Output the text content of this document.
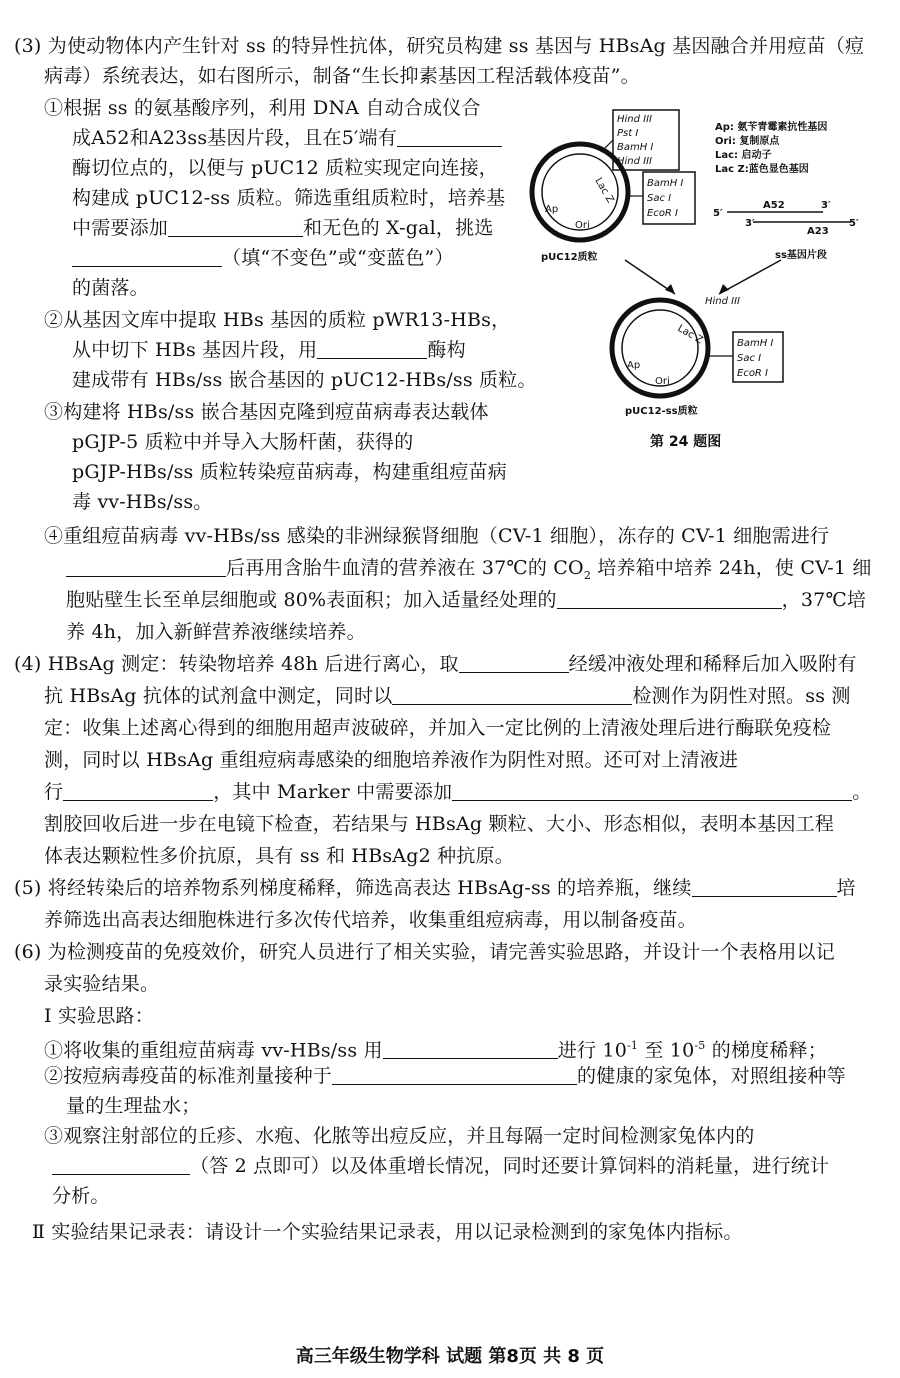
(3) 为使动物体内产生针对 ss 的特异性抗体，研究员构建 ss 基因与 HBsAg 基因融合并用痘苗（痘
病毒）系统表达，如右图所示，制备“生长抑素基因工程活载体疫苗”。
①根据 ss 的氨基酸序列，利用 DNA 自动合成仪合
成A52和A23ss基因片段，且在5′端有
酶切位点的，以便与 pUC12 质粒实现定向连接，
构建成 pUC12-ss 质粒。筛选重组质粒时，培养基
中需要添加	和无色的 X-gal，挑选
（填“不变色”或“变蓝色”）
的菌落。
②从基因文库中提取 HBs 基因的质粒 pWR13-HBs，
从中切下 HBs 基因片段，用	酶构
建成带有 HBs/ss 嵌合基因的 pUC12-HBs/ss 质粒。
③构建将 HBs/ss 嵌合基因克隆到痘苗病毒表达载体
pGJP-5 质粒中并导入大肠杆菌，获得的
pGJP-HBs/ss 质粒转染痘苗病毒，构建重组痘苗病
毒 vv-HBs/ss。
④重组痘苗病毒 vv-HBs/ss 感染的非洲绿猴肾细胞（CV-1 细胞），冻存的 CV-1 细胞需进行
后再用含胎牛血清的营养液在 37℃的 $CO_2$ 培养箱中培养 24h，使 CV-1 细
胞贴壁生长至单层细胞或 80%表面积；加入适量经处理的	，37℃培
养 4h，加入新鲜营养液继续培养。
(4) HBsAg 测定：转染物培养 48h 后进行离心，取	经缓冲液处理和稀释后加入吸附有
抗 HBsAg 抗体的试剂盒中测定，同时以	检测作为阴性对照。ss 测
定：收集上述离心得到的细胞用超声波破碎，并加入一定比例的上清液处理后进行酶联免疫检
测，同时以 HBsAg 重组痘病毒感染的细胞培养液作为阴性对照。还可对上清液进
行	，其中 Marker 中需要添加	。
割胶回收后进一步在电镜下检查，若结果与 HBsAg 颗粒、大小、形态相似，表明本基因工程
体表达颗粒性多价抗原，具有 ss 和 HBsAg2 种抗原。
(5) 将经转染后的培养物系列梯度稀释，筛选高表达 HBsAg-ss 的培养瓶，继续	培
养筛选出高表达细胞株进行多次传代培养，收集重组痘病毒，用以制备疫苗。
(6) 为检测疫苗的免疫效价，研究人员进行了相关实验，请完善实验思路，并设计一个表格用以记
录实验结果。
Ⅰ 实验思路：
①将收集的重组痘苗病毒 vv-HBs/ss 用	进行 $10^{-1}$ 至 $10^{-5}$ 的梯度稀释；
②按痘病毒疫苗的标准剂量接种于	的健康的家兔体，对照组接种等
量的生理盐水；
③观察注射部位的丘疹、水疱、化脓等出痘反应，并且每隔一定时间检测家兔体内的
（答 2 点即可）以及体重增长情况，同时还要计算饲料的消耗量，进行统计
分析。
Ⅱ 实验结果记录表：请设计一个实验结果记录表，用以记录检测到的家兔体内指标。
Hind III
Pst I
BamH I
Hind III
BamH I
Sac I
EcoR I
BamH I
Sac I
EcoR I
Hind III
Lac Z
Ap
Ori
Lac Z
Ap
Ori
Ap: 氨苄青霉素抗性基因
Ori: 复制原点
Lac: 启动子
Lac Z:蓝色显色基因
A52
A23
5′
3′
3′	5′
pUC12质粒	ss基因片段
pUC12-ss质粒
第 24 题图
高三年级生物学科 试题 第8页 共 8 页
